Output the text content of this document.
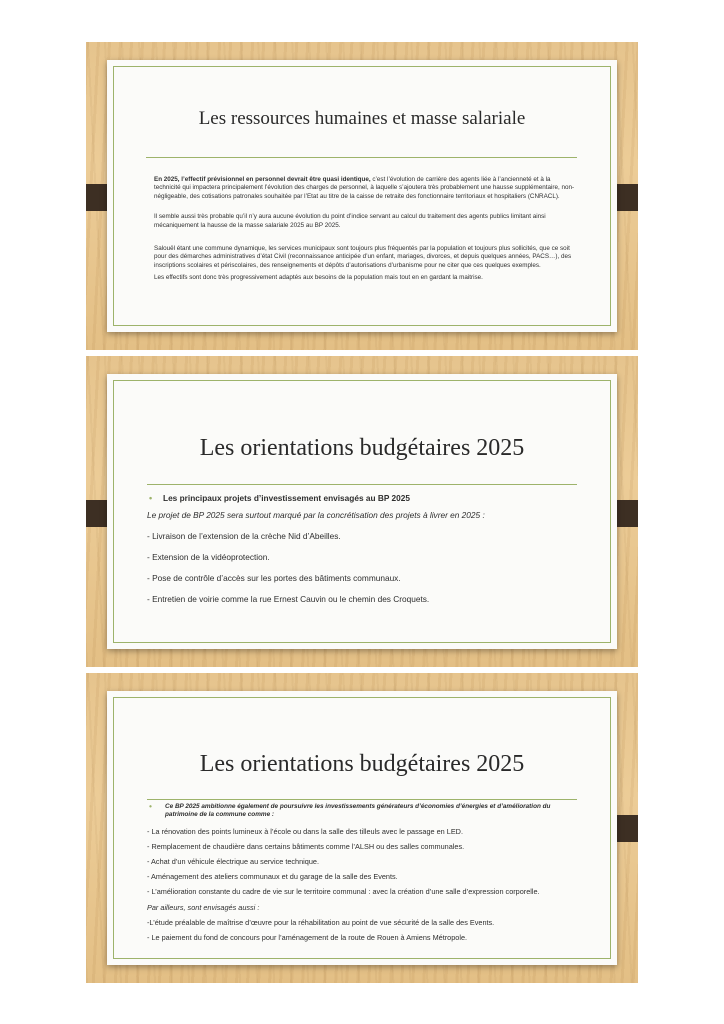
Les ressources humaines et masse salariale

En 2025, l’effectif prévisionnel en personnel devrait être quasi identique, c’est l’évolution de carrière des agents liée à l’ancienneté et à la technicité qui impactera principalement l’évolution des charges de personnel, à laquelle s’ajoutera très probablement une hausse supplémentaire, non-négligeable, des cotisations patronales souhaitée par l’Etat au titre de la caisse de retraite des fonctionnaire territoriaux et hospitaliers (CNRACL).

Il semble aussi très probable qu’il n’y aura aucune évolution du point d’indice servant au calcul du traitement des agents publics limitant ainsi mécaniquement la hausse de la masse salariale 2025 au BP 2025.

Salouël étant une commune dynamique, les services municipaux sont toujours plus fréquentés par la population et toujours plus sollicités, que ce soit pour des démarches administratives d’état Civil (reconnaissance anticipée d’un enfant, mariages, divorces, et depuis quelques années, PACS…), des inscriptions scolaires et périscolaires, des renseignements et dépôts d’autorisations d’urbanisme pour ne citer que ces quelques exemples.

Les effectifs sont donc très progressivement adaptés aux besoins de la population mais tout en en gardant la maitrise.

Les orientations budgétaires 2025
•	Les principaux projets d’investissement envisagés au BP 2025

Le projet de BP 2025 sera surtout marqué par la concrétisation des projets à livrer en 2025 :

- Livraison de l’extension de la crèche Nid d’Abeilles.

- Extension de la vidéoprotection.

- Pose de contrôle d’accès sur les portes des bâtiments communaux.

- Entretien de voirie comme la rue Ernest Cauvin ou le chemin des Croquets.

Les orientations budgétaires 2025
•	Ce BP 2025 ambitionne également de poursuivre les investissements générateurs d’économies d’énergies et d’amélioration du patrimoine de la commune comme :

- La rénovation des points lumineux à l’école ou dans la salle des tilleuls avec le passage en LED.

- Remplacement de chaudière dans certains bâtiments comme l’ALSH ou des salles communales.

- Achat d’un véhicule électrique au service technique.

- Aménagement des ateliers communaux et du garage de la salle des Events.

- L’amélioration constante du cadre de vie sur le territoire communal : avec la création d’une salle d’expression corporelle.

Par ailleurs, sont envisagés aussi :

-L’étude préalable de maîtrise d’œuvre pour la réhabilitation au point de vue sécurité de la salle des Events.

- Le paiement du fond de concours pour l’aménagement de la route de Rouen à Amiens Métropole.
